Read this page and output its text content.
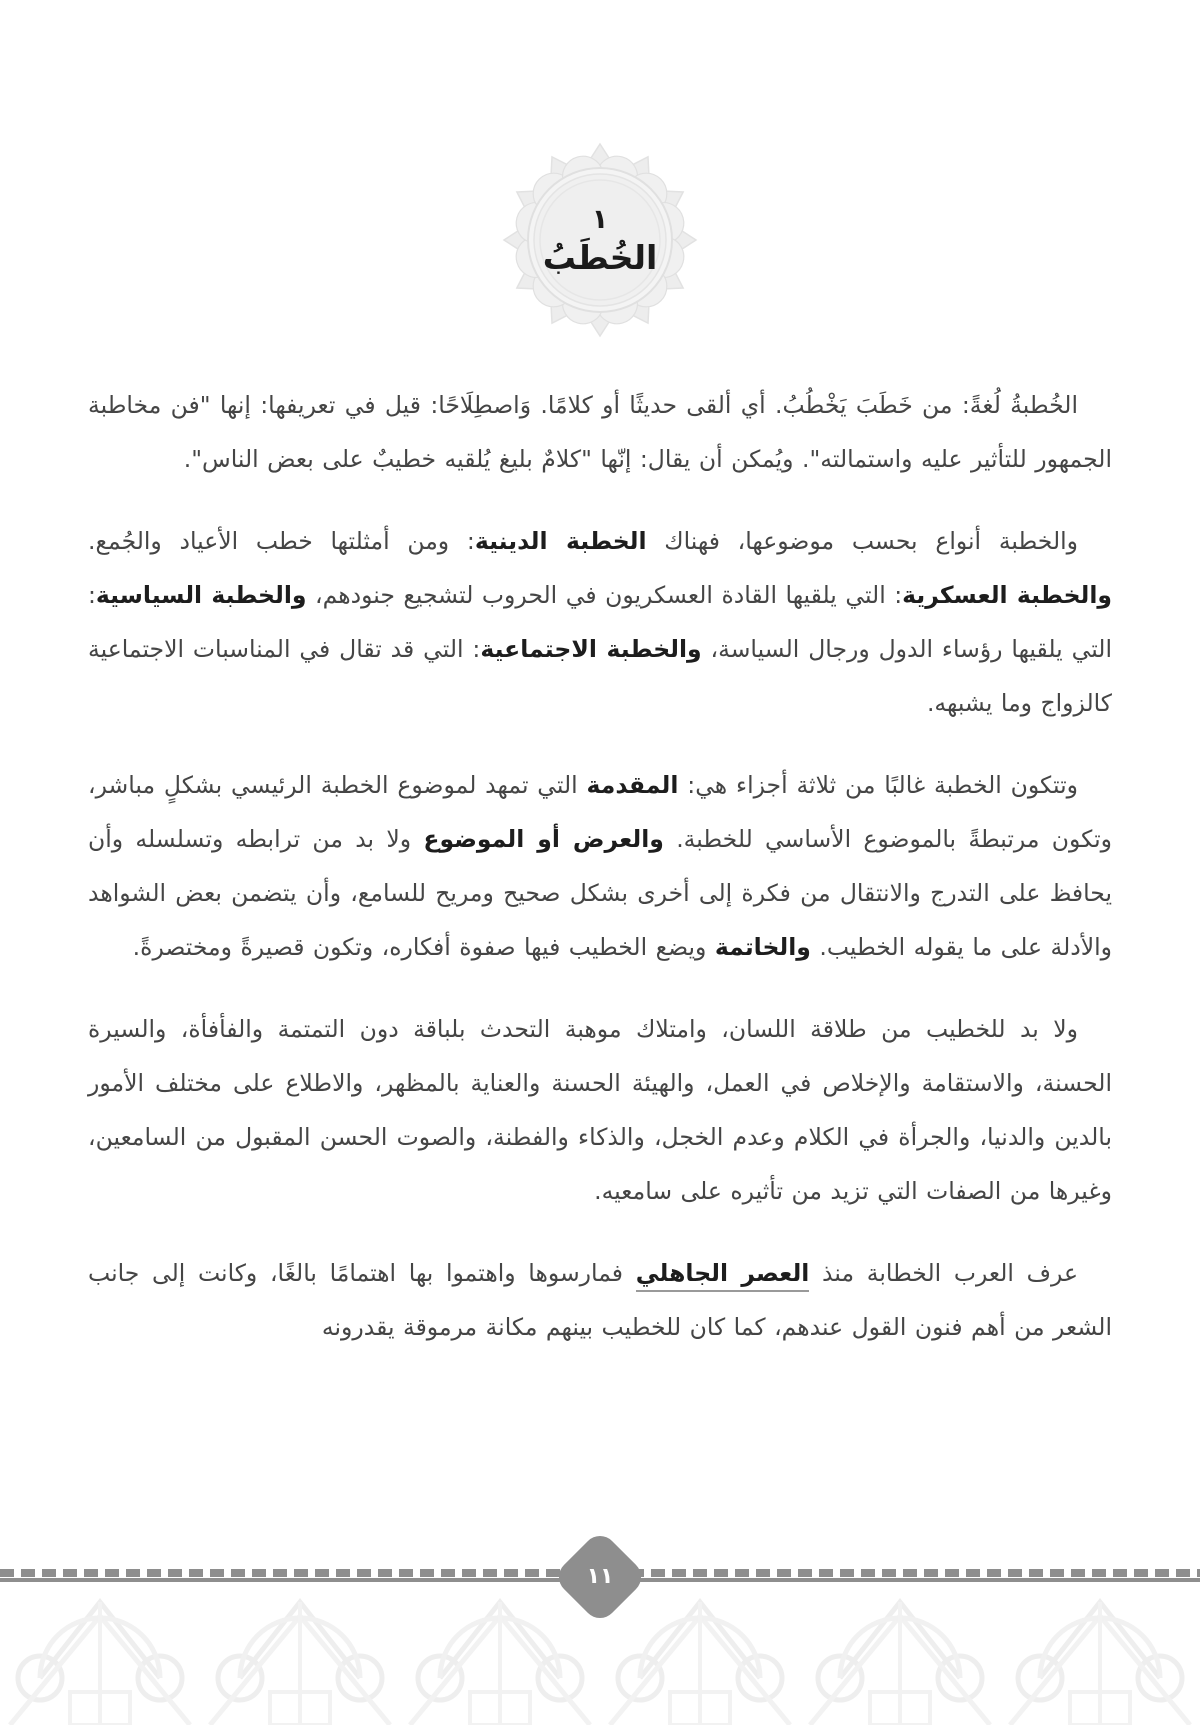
١
الخُطَبُ

الخُطبةُ لُغةً: من خَطَبَ يَخْطُبُ. أي ألقى حديثًا أو كلامًا. وَاصطِلَاحًا: قيل في تعريفها: إنها "فن مخاطبة الجمهور للتأثير عليه واستمالته". ويُمكن أن يقال: إنّها "كلامٌ بليغ يُلقيه خطيبٌ على بعض الناس".

والخطبة أنواع بحسب موضوعها، فهناك الخطبة الدينية: ومن أمثلتها خطب الأعياد والجُمع. والخطبة العسكرية: التي يلقيها القادة العسكريون في الحروب لتشجيع جنودهم، والخطبة السياسية: التي يلقيها رؤساء الدول ورجال السياسة، والخطبة الاجتماعية: التي قد تقال في المناسبات الاجتماعية كالزواج وما يشبهه.

وتتكون الخطبة غالبًا من ثلاثة أجزاء هي: المقدمة التي تمهد لموضوع الخطبة الرئيسي بشكلٍ مباشر، وتكون مرتبطةً بالموضوع الأساسي للخطبة. والعرض أو الموضوع ولا بد من ترابطه وتسلسله وأن يحافظ على التدرج والانتقال من فكرة إلى أخرى بشكل صحيح ومريح للسامع، وأن يتضمن بعض الشواهد والأدلة على ما يقوله الخطيب. والخاتمة ويضع الخطيب فيها صفوة أفكاره، وتكون قصيرةً ومختصرةً.

ولا بد للخطيب من طلاقة اللسان، وامتلاك موهبة التحدث بلباقة دون التمتمة والفأفأة، والسيرة الحسنة، والاستقامة والإخلاص في العمل، والهيئة الحسنة والعناية بالمظهر، والاطلاع على مختلف الأمور بالدين والدنيا، والجرأة في الكلام وعدم الخجل، والذكاء والفطنة، والصوت الحسن المقبول من السامعين، وغيرها من الصفات التي تزيد من تأثيره على سامعيه.

عرف العرب الخطابة منذ العصر الجاهلي فمارسوها واهتموا بها اهتمامًا بالغًا، وكانت إلى جانب الشعر من أهم فنون القول عندهم، كما كان للخطيب بينهم مكانة مرموقة يقدرونه

١١
